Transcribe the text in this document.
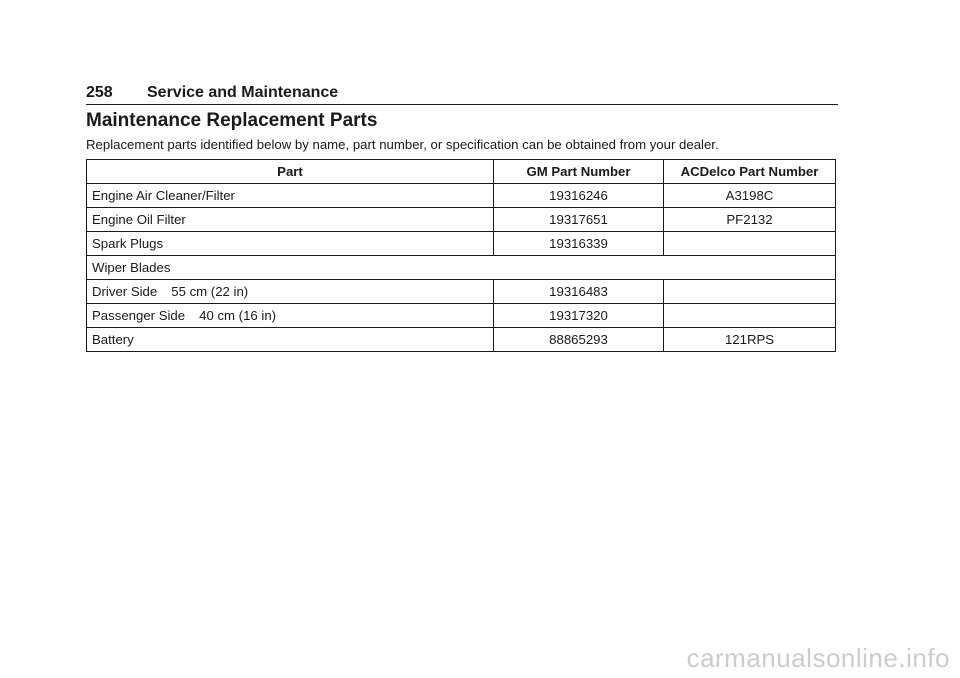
258 Service and Maintenance
Maintenance Replacement Parts

Replacement parts identified below by name, part number, or specification can be obtained from your dealer.

Part	GM Part Number	ACDelco Part Number
Engine Air Cleaner/Filter	19316246	A3198C
Engine Oil Filter	19317651	PF2132
Spark Plugs	19316339	
Wiper Blades		
Driver Side 55 cm (22 in)	19316483	
Passenger Side 40 cm (16 in)	19317320	
Battery	88865293	121RPS
carmanualsonline.info
